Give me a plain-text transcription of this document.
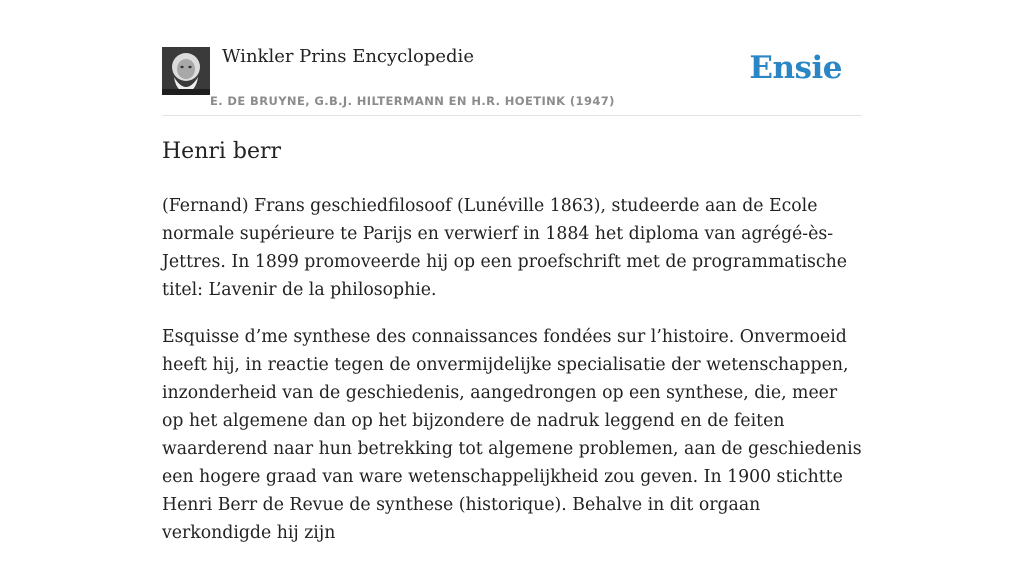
Winkler Prins Encyclopedie
E. DE BRUYNE, G.B.J. HILTERMANN EN H.R. HOETINK (1947)
Ensie
Henri berr

(Fernand) Frans geschiedfilosoof (Lunéville 1863), studeerde aan de Ecole normale supérieure te Parijs en verwierf in 1884 het diploma van agrégé-ès-Jettres. In 1899 promoveerde hij op een proefschrift met de programmatische titel: L’avenir de la philosophie.

Esquisse d’me synthese des connaissances fondées sur l’histoire. Onvermoeid heeft hij, in reactie tegen de onvermijdelijke specialisatie der wetenschappen, inzonderheid van de geschiedenis, aangedrongen op een synthese, die, meer op het algemene dan op het bijzondere de nadruk leggend en de feiten waarderend naar hun betrekking tot algemene problemen, aan de geschiedenis een hogere graad van ware wetenschappelijkheid zou geven. In 1900 stichtte Henri Berr de Revue de synthese (historique). Behalve in dit orgaan verkondigde hij zijn
